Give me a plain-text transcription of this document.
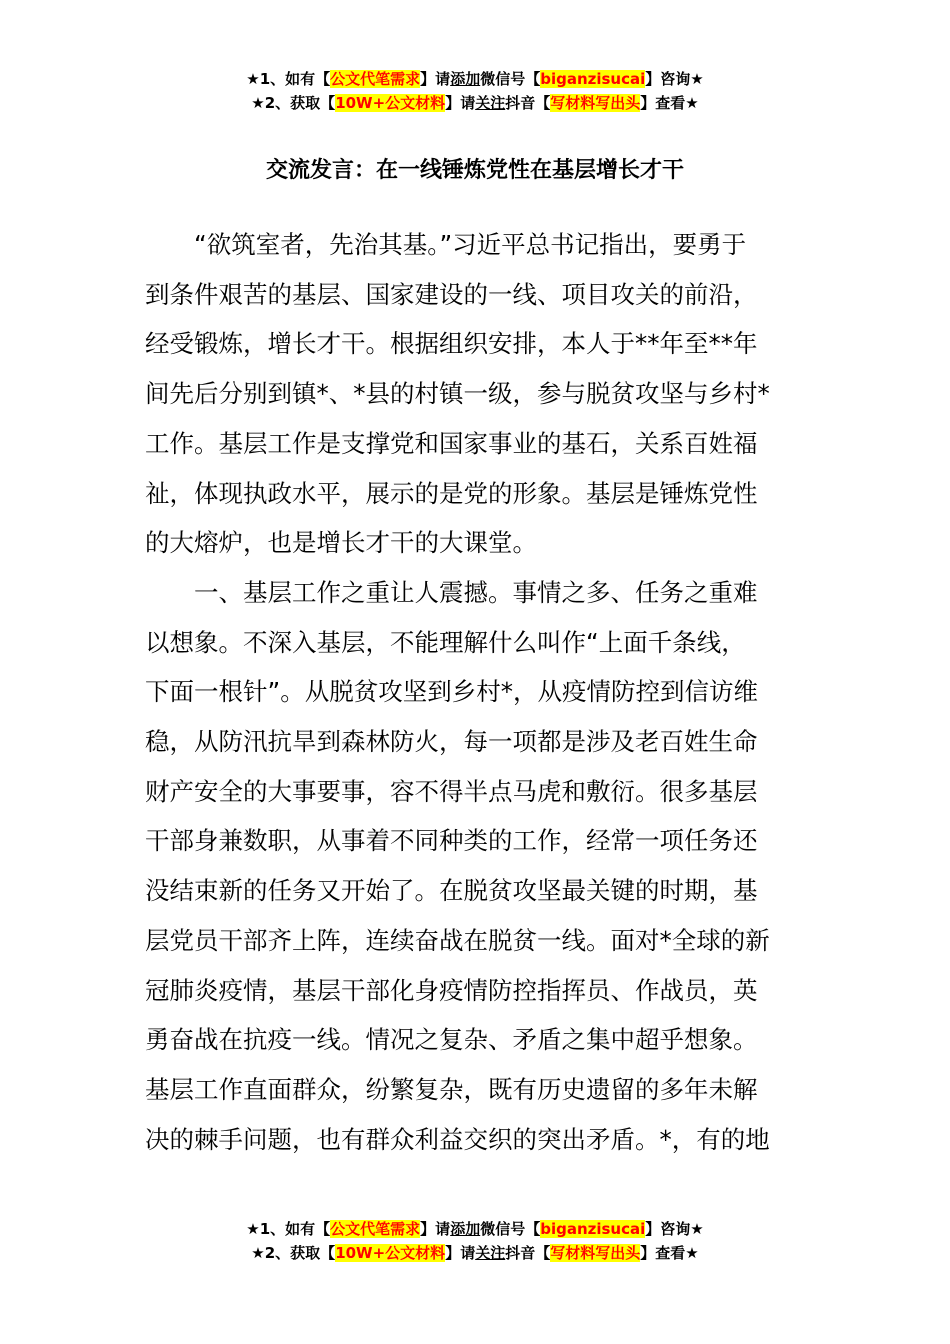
★1、如有【公文代笔需求】请添加微信号【biganzisucai】咨询★
★2、获取【10W+公文材料】请关注抖音【写材料写出头】查看★
交流发言：在一线锤炼党性在基层增长才干

“欲筑室者，先治其基。”习近平总书记指出，要勇于
到条件艰苦的基层、国家建设的一线、项目攻关的前沿，
经受锻炼，增长才干。根据组织安排，本人于**年至**年
间先后分别到镇*、*县的村镇一级，参与脱贫攻坚与乡村*
工作。基层工作是支撑党和国家事业的基石，关系百姓福
祉，体现执政水平，展示的是党的形象。基层是锤炼党性
的大熔炉，也是增长才干的大课堂。

一、基层工作之重让人震撼。事情之多、任务之重难
以想象。不深入基层，不能理解什么叫作“上面千条线，
下面一根针”。从脱贫攻坚到乡村*，从疫情防控到信访维
稳，从防汛抗旱到森林防火，每一项都是涉及老百姓生命
财产安全的大事要事，容不得半点马虎和敷衍。很多基层
干部身兼数职，从事着不同种类的工作，经常一项任务还
没结束新的任务又开始了。在脱贫攻坚最关键的时期，基
层党员干部齐上阵，连续奋战在脱贫一线。面对*全球的新
冠肺炎疫情，基层干部化身疫情防控指挥员、作战员，英
勇奋战在抗疫一线。情况之复杂、矛盾之集中超乎想象。
基层工作直面群众，纷繁复杂，既有历史遗留的多年未解
决的棘手问题，也有群众利益交织的突出矛盾。*，有的地

★1、如有【公文代笔需求】请添加微信号【biganzisucai】咨询★
★2、获取【10W+公文材料】请关注抖音【写材料写出头】查看★
